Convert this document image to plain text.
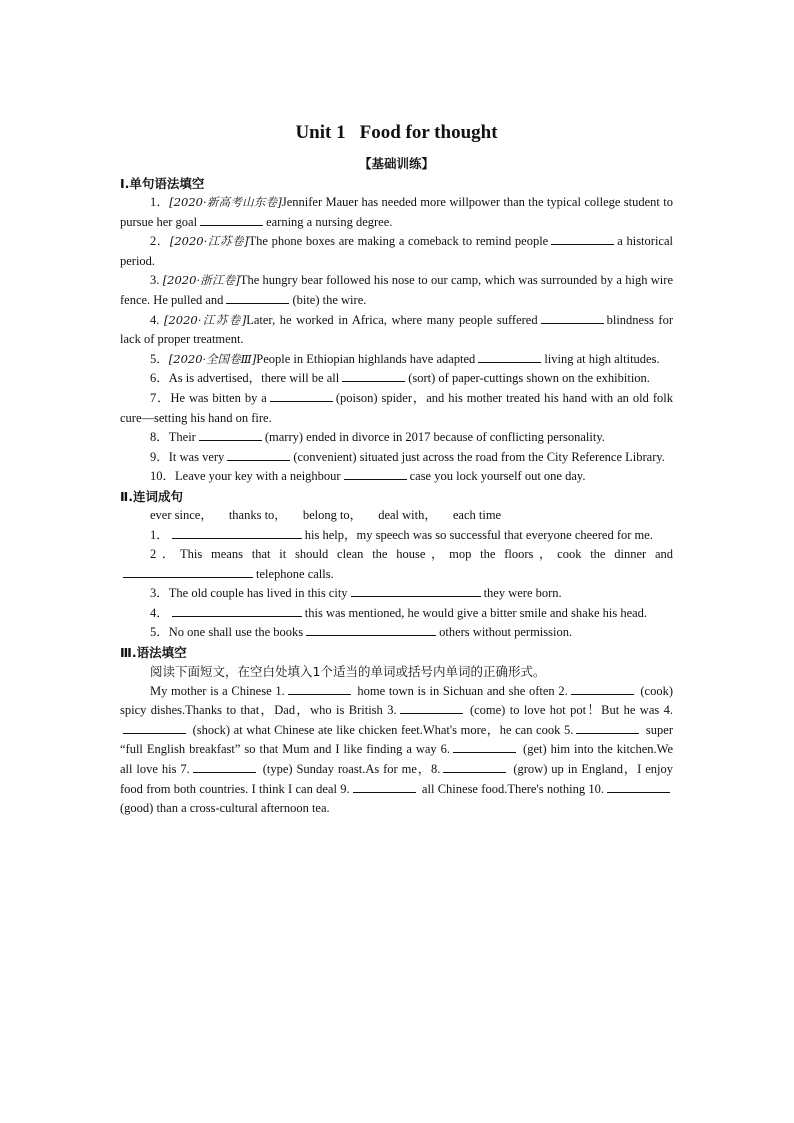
Unit 1 Food for thought
【基础训练】
Ⅰ.单句语法填空
1．[2020·新高考山东卷]Jennifer Mauer has needed more willpower than the typical college student to pursue her goal	earning a nursing degree.
2．[2020·江苏卷]The phone boxes are making a comeback to remind people	a historical period.
3. [2020·浙江卷]The hungry bear followed his nose to our camp, which was surrounded by a high wire fence. He pulled and	(bite) the wire.
4. [2020·江苏卷]Later, he worked in Africa, where many people suffered	blindness for lack of proper treatment.
5．[2020·全国卷Ⅲ]People in Ethiopian highlands have adapted	living at high altitudes.
6．As is advertised，there will be all	(sort) of paper-cuttings shown on the exhibition.
7．He was bitten by a	(poison) spider，and his mother treated his hand with an old folk cure—setting his hand on fire.
8．Their	(marry) ended in divorce in 2017 because of conflicting personality.
9．It was very	(convenient) situated just across the road from the City Reference Library.
10．Leave your key with a neighbour	case you lock yourself out one day.
Ⅱ.连词成句
ever since， thanks to， belong to， deal with， each time
1．	his help，my speech was so successful that everyone cheered for me.
2．This means that it should clean the house，mop the floors，cook the dinner andtelephone calls.
3．The old couple has lived in this city	they were born.
4．	this was mentioned, he would give a bitter smile and shake his head.
5．No one shall use the books	others without permission.
Ⅲ.语法填空
阅读下面短文，在空白处填入1个适当的单词或括号内单词的正确形式。
My mother is a Chinese 1.	home town is in Sichuan and she often 2.	(cook) spicy dishes.Thanks to that，Dad，who is British 3.	(come) to love hot pot！But he was 4. (shock) at what Chinese ate like chicken feet.What's more，he can cook 5.	super “full English breakfast” so that Mum and I like finding a way 6.	(get) him into the kitchen.We all love his 7.	(type) Sunday roast.As for me，8.	(grow) up in England，I enjoy food from both countries. I think I can deal 9.	all Chinese food.There's nothing 10. (good) than a cross-cultural afternoon tea.
